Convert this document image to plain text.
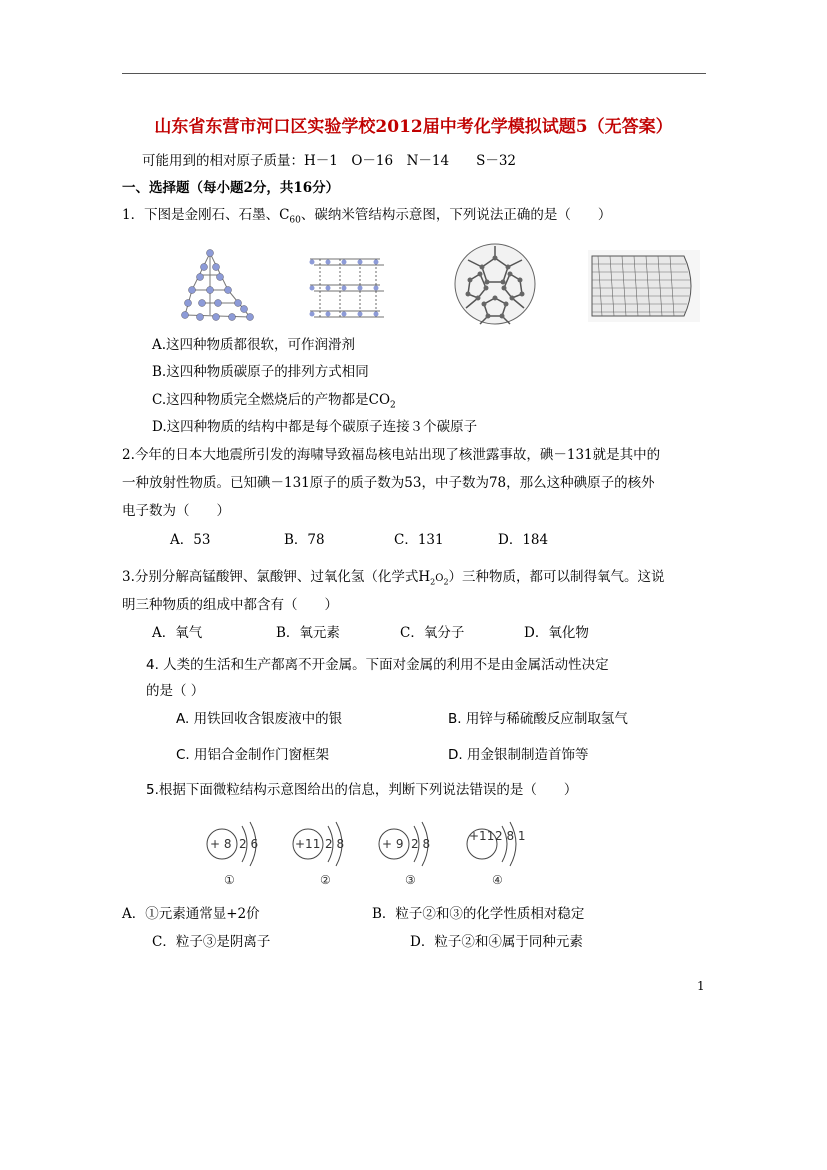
山东省东营市河口区实验学校2012届中考化学模拟试题5（无答案）
可能用到的相对原子质量：H－1　O－16　N－14　　S－32
一、选择题（每小题2分，共16分）
1．下图是金刚石、石墨、$C_{60}$、碳纳米管结构示意图，下列说法正确的是（　　）
A.这四种物质都很软，可作润滑剂
B.这四种物质碳原子的排列方式相同
C.这四种物质完全燃烧后的产物都是$CO_2$
D.这四种物质的结构中都是每个碳原子连接３个碳原子
2.今年的日本大地震所引发的海啸导致福岛核电站出现了核泄露事故，碘－131就是其中的
一种放射性物质。已知碘－131原子的质子数为53，中子数为78，那么这种碘原子的核外
电子数为（　　）
A．53	B．78	C．131	D．184
3.分别分解高锰酸钾、氯酸钾、过氧化氢（化学式$H_2O_2$）三种物质，都可以制得氧气。这说
明三种物质的组成中都含有（　　）
A．氧气	B．氧元素	C．氧分子	D．氧化物
4. 人类的生活和生产都离不开金属。下面对金属的利用不是由金属活动性决定
的是（ ）
A. 用铁回收含银废液中的银	B. 用锌与稀硫酸反应制取氢气
C. 用铝合金制作门窗框架	D. 用金银制制造首饰等
5.根据下面微粒结构示意图给出的信息，判断下列说法错误的是（　　）
+ 8 2 6
①
+11 2 8
②
+ 9 2 8
③
+11 2 8 1
④
A．①元素通常显+2价	B．粒子②和③的化学性质相对稳定
C．粒子③是阴离子	D．粒子②和④属于同种元素
1
